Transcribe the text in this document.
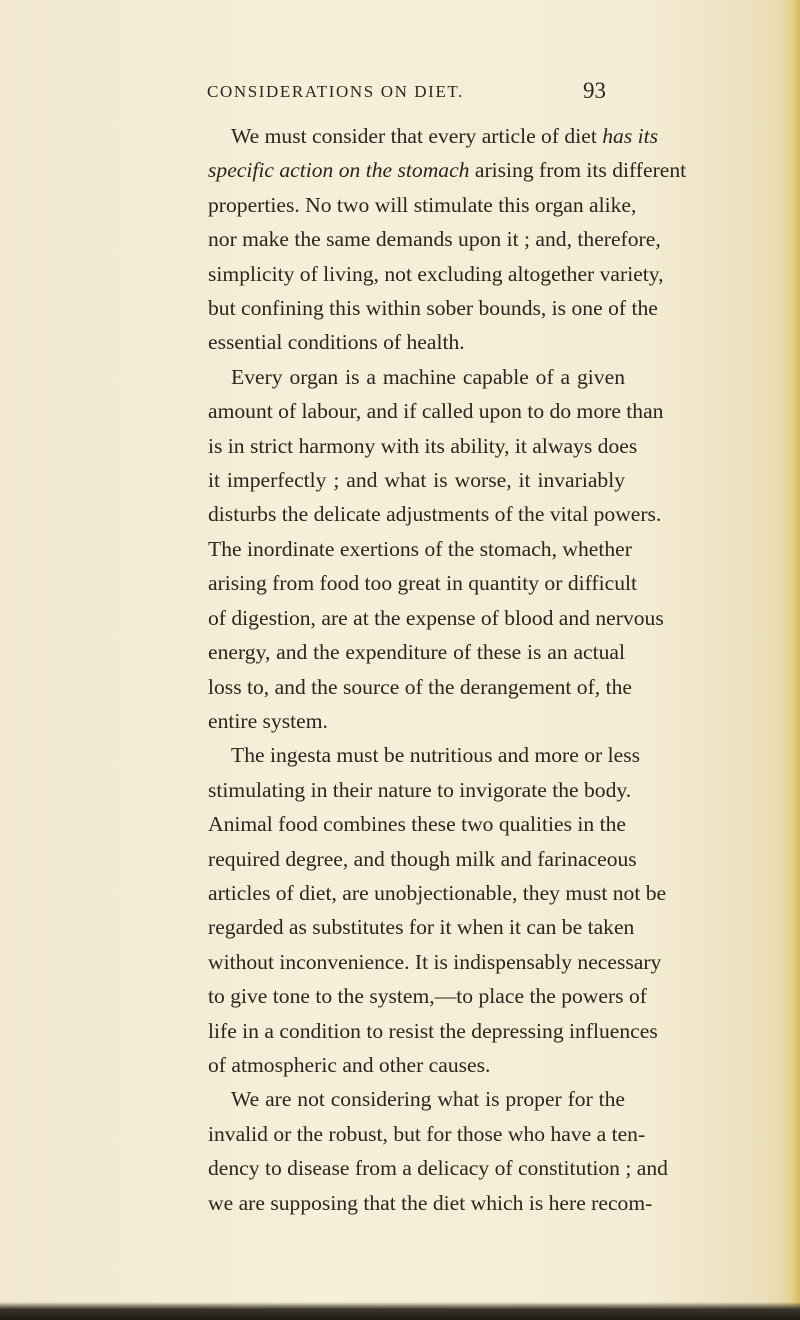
CONSIDERATIONS ON DIET.	93
We must consider that every article of diet has its
specific action on the stomach arising from its different
properties. No two will stimulate this organ alike,
nor make the same demands upon it ; and, therefore,
simplicity of living, not excluding altogether variety,
but confining this within sober bounds, is one of the
essential conditions of health.
Every organ is a machine capable of a given
amount of labour, and if called upon to do more than
is in strict harmony with its ability, it always does
it imperfectly ; and what is worse, it invariably
disturbs the delicate adjustments of the vital powers.
The inordinate exertions of the stomach, whether
arising from food too great in quantity or difficult
of digestion, are at the expense of blood and nervous
energy, and the expenditure of these is an actual
loss to, and the source of the derangement of, the
entire system.
The ingesta must be nutritious and more or less
stimulating in their nature to invigorate the body.
Animal food combines these two qualities in the
required degree, and though milk and farinaceous
articles of diet, are unobjectionable, they must not be
regarded as substitutes for it when it can be taken
without inconvenience. It is indispensably necessary
to give tone to the system,—to place the powers of
life in a condition to resist the depressing influences
of atmospheric and other causes.
We are not considering what is proper for the
invalid or the robust, but for those who have a ten-
dency to disease from a delicacy of constitution ; and
we are supposing that the diet which is here recom-
